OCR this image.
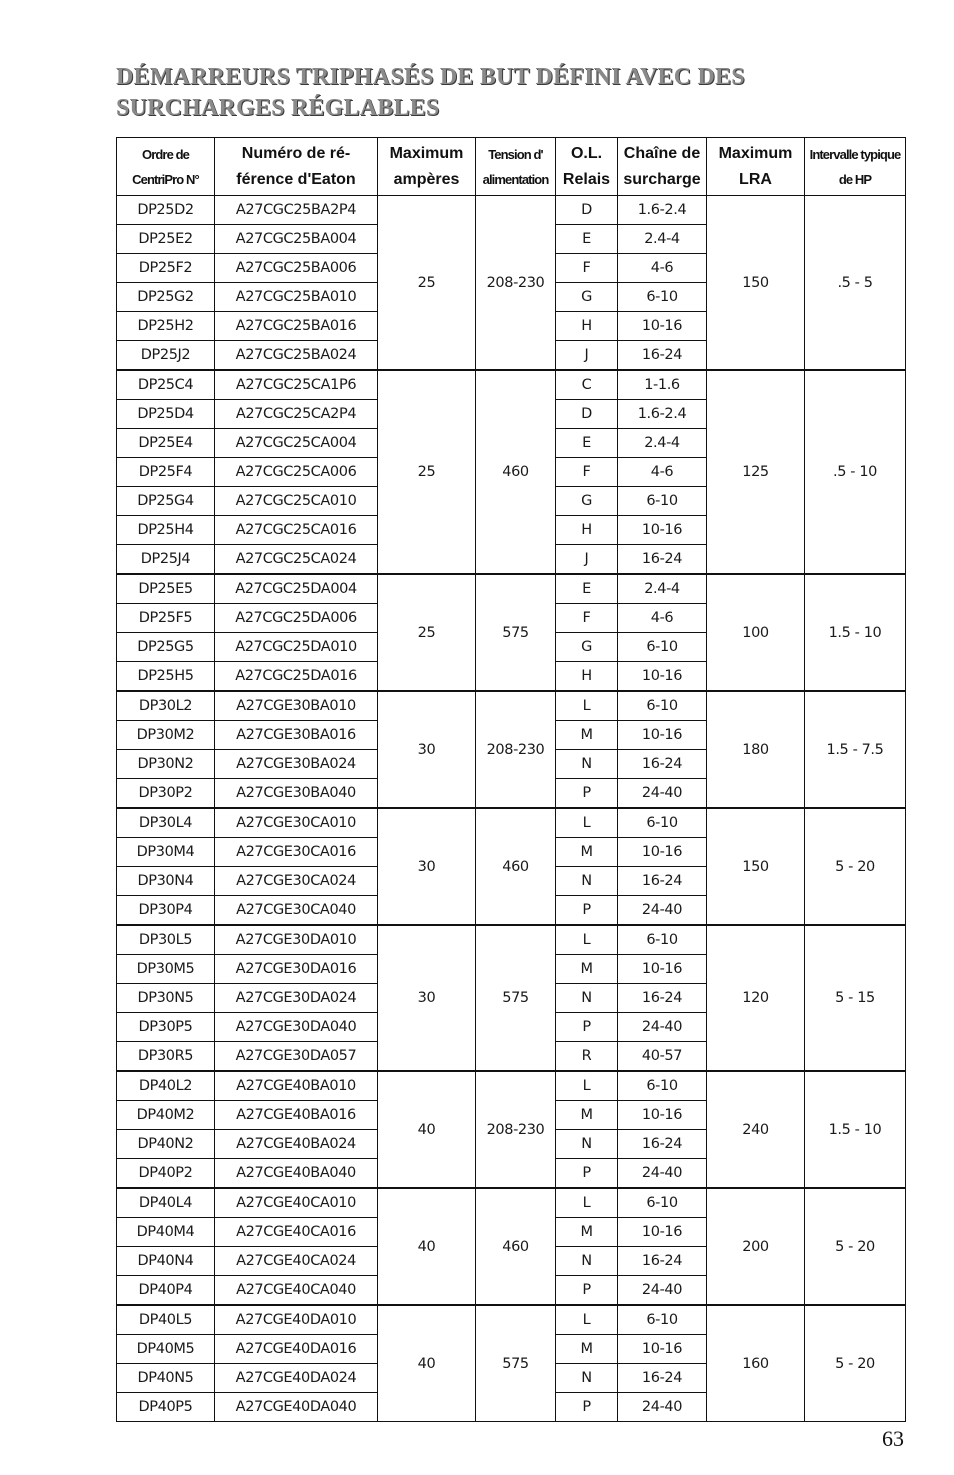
DÉMARREURS TRIPHASÉS DE BUT DÉFINI AVEC DES SURCHARGES RÉGLABLES
Ordre de CentriPro N°	Numéro de ré-férence d'Eaton	Maximum ampères	Tension d' alimentation	O.L. Relais	Chaîne de surcharge	Maximum LRA	Intervalle typique de HP
DP25D2	A27CGC25BA2P4	25	208-230	D	1.6-2.4	150	.5 - 5
DP25E2	A27CGC25BA004			E	2.4-4		
DP25F2	A27CGC25BA006			F	4-6		
DP25G2	A27CGC25BA010			G	6-10		
DP25H2	A27CGC25BA016			H	10-16		
DP25J2	A27CGC25BA024			J	16-24		
DP25C4	A27CGC25CA1P6	25	460	C	1-1.6	125	.5 - 10
DP25D4	A27CGC25CA2P4			D	1.6-2.4		
DP25E4	A27CGC25CA004			E	2.4-4		
DP25F4	A27CGC25CA006			F	4-6		
DP25G4	A27CGC25CA010			G	6-10		
DP25H4	A27CGC25CA016			H	10-16		
DP25J4	A27CGC25CA024			J	16-24		
DP25E5	A27CGC25DA004	25	575	E	2.4-4	100	1.5 - 10
DP25F5	A27CGC25DA006			F	4-6		
DP25G5	A27CGC25DA010			G	6-10		
DP25H5	A27CGC25DA016			H	10-16		
DP30L2	A27CGE30BA010	30	208-230	L	6-10	180	1.5 - 7.5
DP30M2	A27CGE30BA016			M	10-16		
DP30N2	A27CGE30BA024			N	16-24		
DP30P2	A27CGE30BA040			P	24-40		
DP30L4	A27CGE30CA010	30	460	L	6-10	150	5 - 20
DP30M4	A27CGE30CA016			M	10-16		
DP30N4	A27CGE30CA024			N	16-24		
DP30P4	A27CGE30CA040			P	24-40		
DP30L5	A27CGE30DA010	30	575	L	6-10	120	5 - 15
DP30M5	A27CGE30DA016			M	10-16		
DP30N5	A27CGE30DA024			N	16-24		
DP30P5	A27CGE30DA040			P	24-40		
DP30R5	A27CGE30DA057			R	40-57		
DP40L2	A27CGE40BA010	40	208-230	L	6-10	240	1.5 - 10
DP40M2	A27CGE40BA016			M	10-16		
DP40N2	A27CGE40BA024			N	16-24		
DP40P2	A27CGE40BA040			P	24-40		
DP40L4	A27CGE40CA010	40	460	L	6-10	200	5 - 20
DP40M4	A27CGE40CA016			M	10-16		
DP40N4	A27CGE40CA024			N	16-24		
DP40P4	A27CGE40CA040			P	24-40		
DP40L5	A27CGE40DA010	40	575	L	6-10	160	5 - 20
DP40M5	A27CGE40DA016			M	10-16		
DP40N5	A27CGE40DA024			N	16-24		
DP40P5	A27CGE40DA040			P	24-40		
63
